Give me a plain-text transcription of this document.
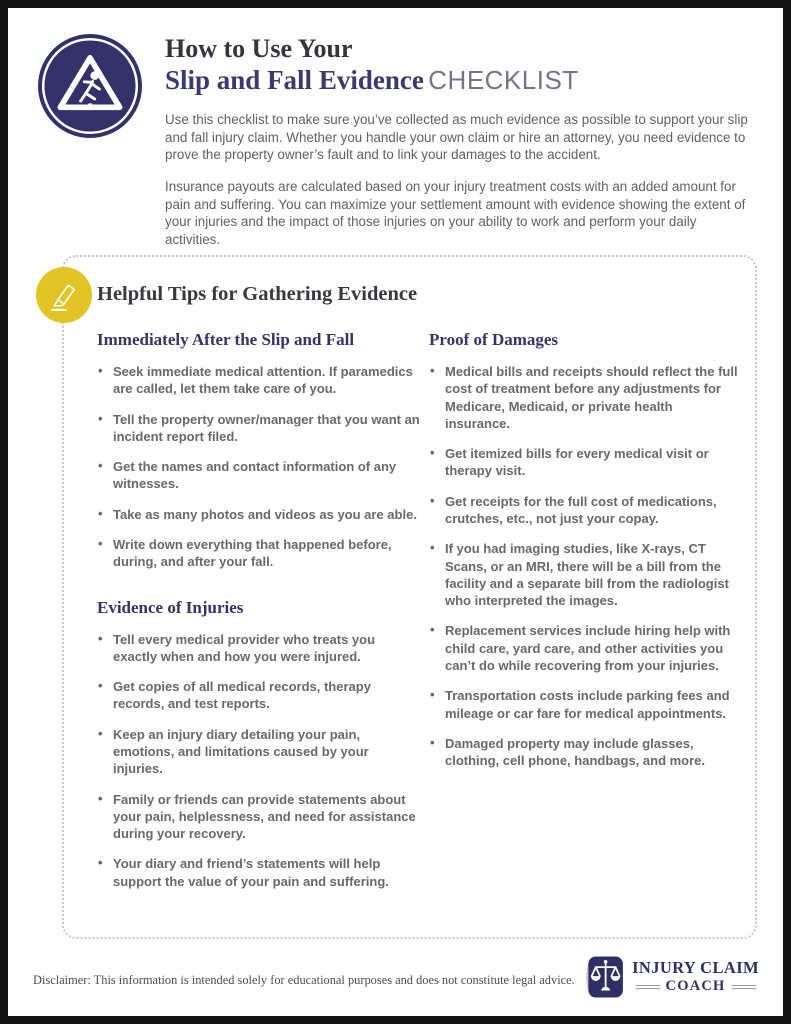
How to Use Your
Slip and Fall Evidence CHECKLIST

Use this checklist to make sure you’ve collected as much evidence as possible to support your slip and fall injury claim. Whether you handle your own claim or hire an attorney, you need evidence to prove the property owner’s fault and to link your damages to the accident.

Insurance payouts are calculated based on your injury treatment costs with an added amount for pain and suffering. You can maximize your settlement amount with evidence showing the extent of your injuries and the impact of those injuries on your ability to work and perform your daily activities.

Helpful Tips for Gathering Evidence
Immediately After the Slip and Fall
• Seek immediate medical attention. If paramedics are called, let them take care of you.
• Tell the property owner/manager that you want an incident report filed.
• Get the names and contact information of any witnesses.
• Take as many photos and videos as you are able.
• Write down everything that happened before, during, and after your fall.
Evidence of Injuries
• Tell every medical provider who treats you exactly when and how you were injured.
• Get copies of all medical records, therapy records, and test reports.
• Keep an injury diary detailing your pain, emotions, and limitations caused by your injuries.
• Family or friends can provide statements about your pain, helplessness, and need for assistance during your recovery.
• Your diary and friend’s statements will help support the value of your pain and suffering.
Proof of Damages
• Medical bills and receipts should reflect the full cost of treatment before any adjustments for Medicare, Medicaid, or private health insurance.
• Get itemized bills for every medical visit or therapy visit.
• Get receipts for the full cost of medications, crutches, etc., not just your copay.
• If you had imaging studies, like X-rays, CT Scans, or an MRI, there will be a bill from the facility and a separate bill from the radiologist who interpreted the images.
• Replacement services include hiring help with child care, yard care, and other activities you can’t do while recovering from your injuries.
• Transportation costs include parking fees and mileage or car fare for medical appointments.
• Damaged property may include glasses, clothing, cell phone, handbags, and more.
Disclaimer: This information is intended solely for educational purposes and does not constitute legal advice.
INJURY CLAIM
COACH
